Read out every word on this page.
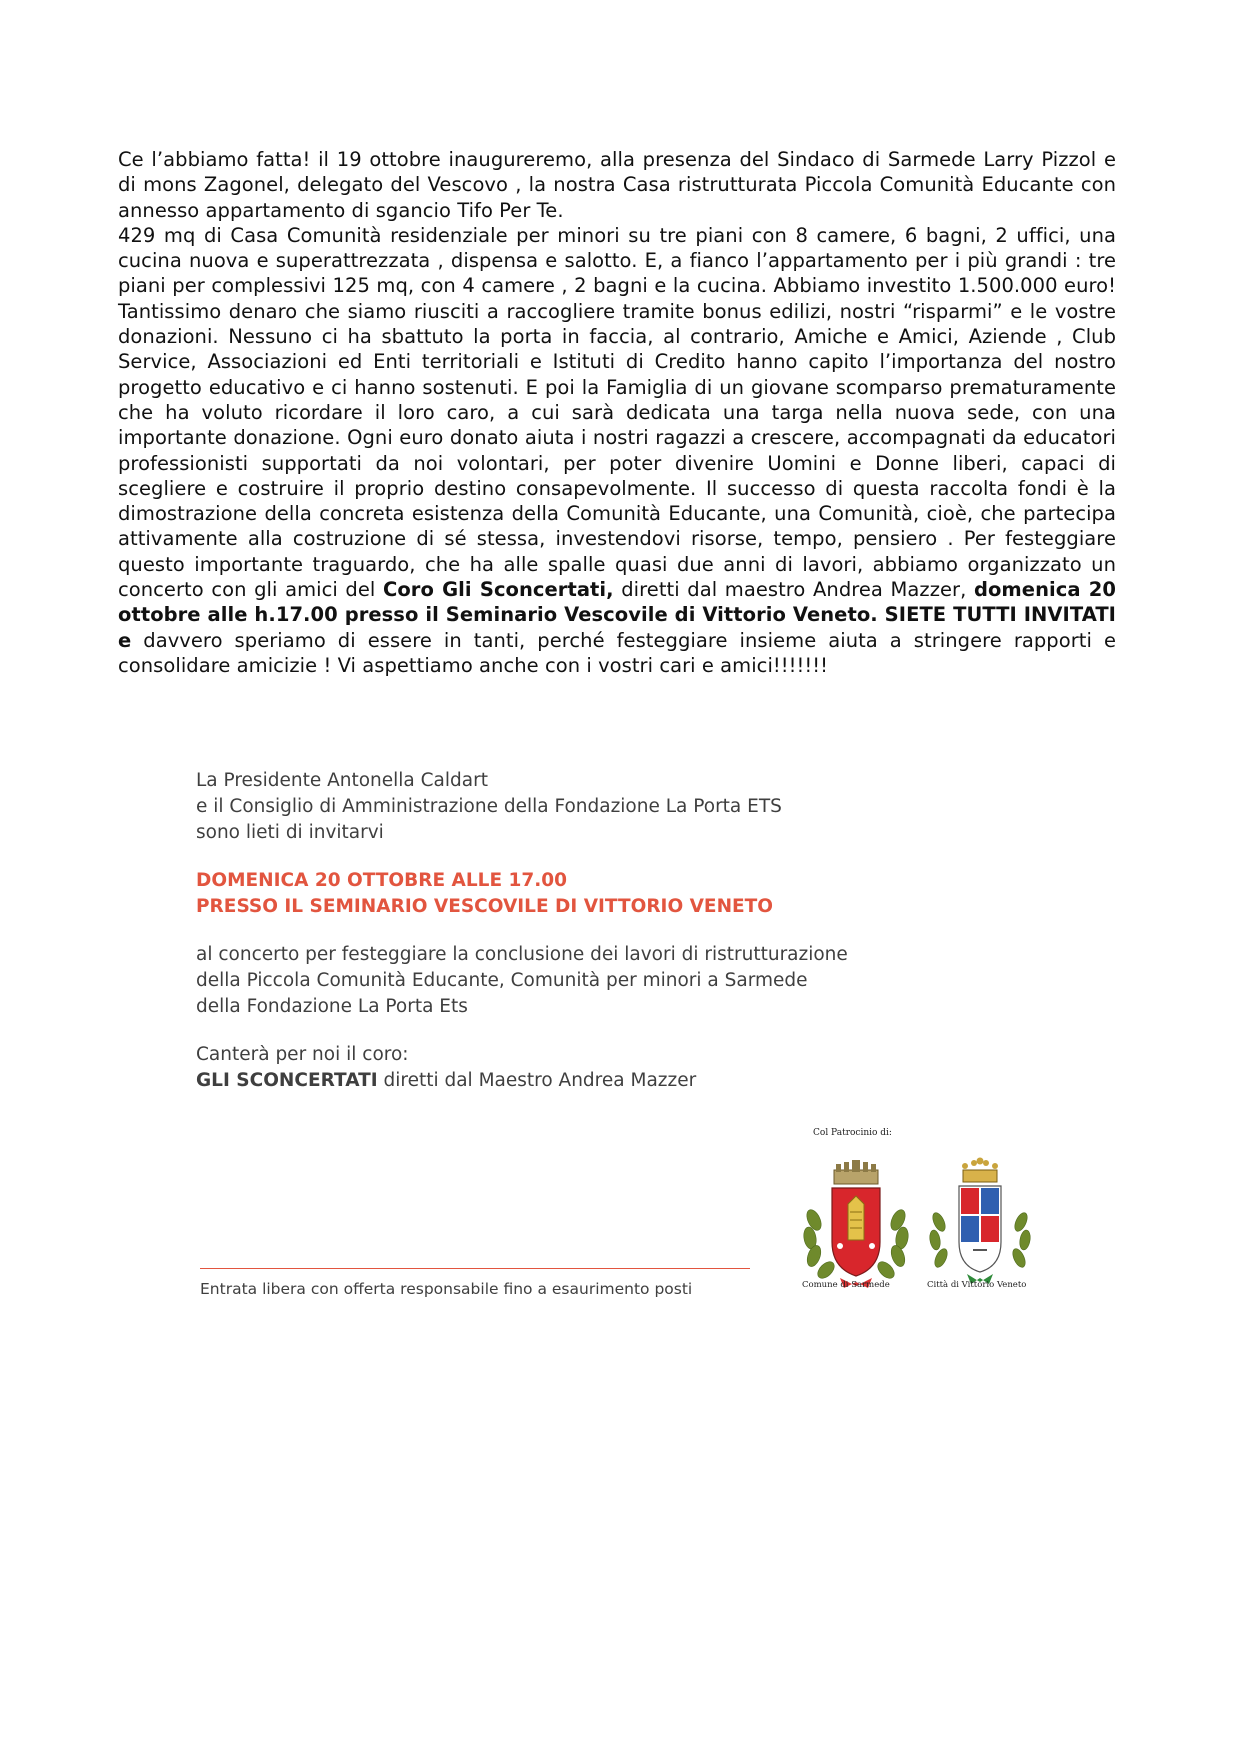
Ce l’abbiamo fatta! il 19 ottobre inaugureremo, alla presenza del Sindaco di Sarmede Larry Pizzol e di mons Zagonel, delegato del Vescovo , la nostra Casa ristrutturata Piccola Comunità Educante con annesso appartamento di sgancio Tifo Per Te.

429 mq di Casa Comunità residenziale per minori su tre piani con 8 camere, 6 bagni, 2 uffici, una cucina nuova e superattrezzata , dispensa e salotto. E, a fianco l’appartamento per i più grandi : tre piani per complessivi 125 mq, con 4 camere , 2 bagni e la cucina. Abbiamo investito 1.500.000 euro! Tantissimo denaro che siamo riusciti a raccogliere tramite bonus edilizi, nostri “risparmi” e le vostre donazioni. Nessuno ci ha sbattuto la porta in faccia, al contrario, Amiche e Amici, Aziende , Club Service, Associazioni ed Enti territoriali e Istituti di Credito hanno capito l’importanza del nostro progetto educativo e ci hanno sostenuti. E poi la Famiglia di un giovane scomparso prematuramente che ha voluto ricordare il loro caro, a cui sarà dedicata una targa nella nuova sede, con una importante donazione. Ogni euro donato aiuta i nostri ragazzi a crescere, accompagnati da educatori professionisti supportati da noi volontari, per poter divenire Uomini e Donne liberi, capaci di scegliere e costruire il proprio destino consapevolmente. Il successo di questa raccolta fondi è la dimostrazione della concreta esistenza della Comunità Educante, una Comunità, cioè, che partecipa attivamente alla costruzione di sé stessa, investendovi risorse, tempo, pensiero . Per festeggiare questo importante traguardo, che ha alle spalle quasi due anni di lavori, abbiamo organizzato un concerto con gli amici del Coro Gli Sconcertati, diretti dal maestro Andrea Mazzer, domenica 20 ottobre alle h.17.00 presso il Seminario Vescovile di Vittorio Veneto. SIETE TUTTI INVITATI e davvero speriamo di essere in tanti, perché festeggiare insieme aiuta a stringere rapporti e consolidare amicizie ! Vi aspettiamo anche con i vostri cari e amici!!!!!!!

La Presidente Antonella Caldart
e il Consiglio di Amministrazione della Fondazione La Porta ETS
sono lieti di invitarvi
DOMENICA 20 OTTOBRE ALLE 17.00
PRESSO IL SEMINARIO VESCOVILE DI VITTORIO VENETO
al concerto per festeggiare la conclusione dei lavori di ristrutturazione
della Piccola Comunità Educante, Comunità per minori a Sarmede
della Fondazione La Porta Ets
Canterà per noi il coro:
GLI SCONCERTATI diretti dal Maestro Andrea Mazzer
Entrata libera con offerta responsabile fino a esaurimento posti
Col Patrocinio di:
Comune di Sarmede	Città di Vittorio Veneto
